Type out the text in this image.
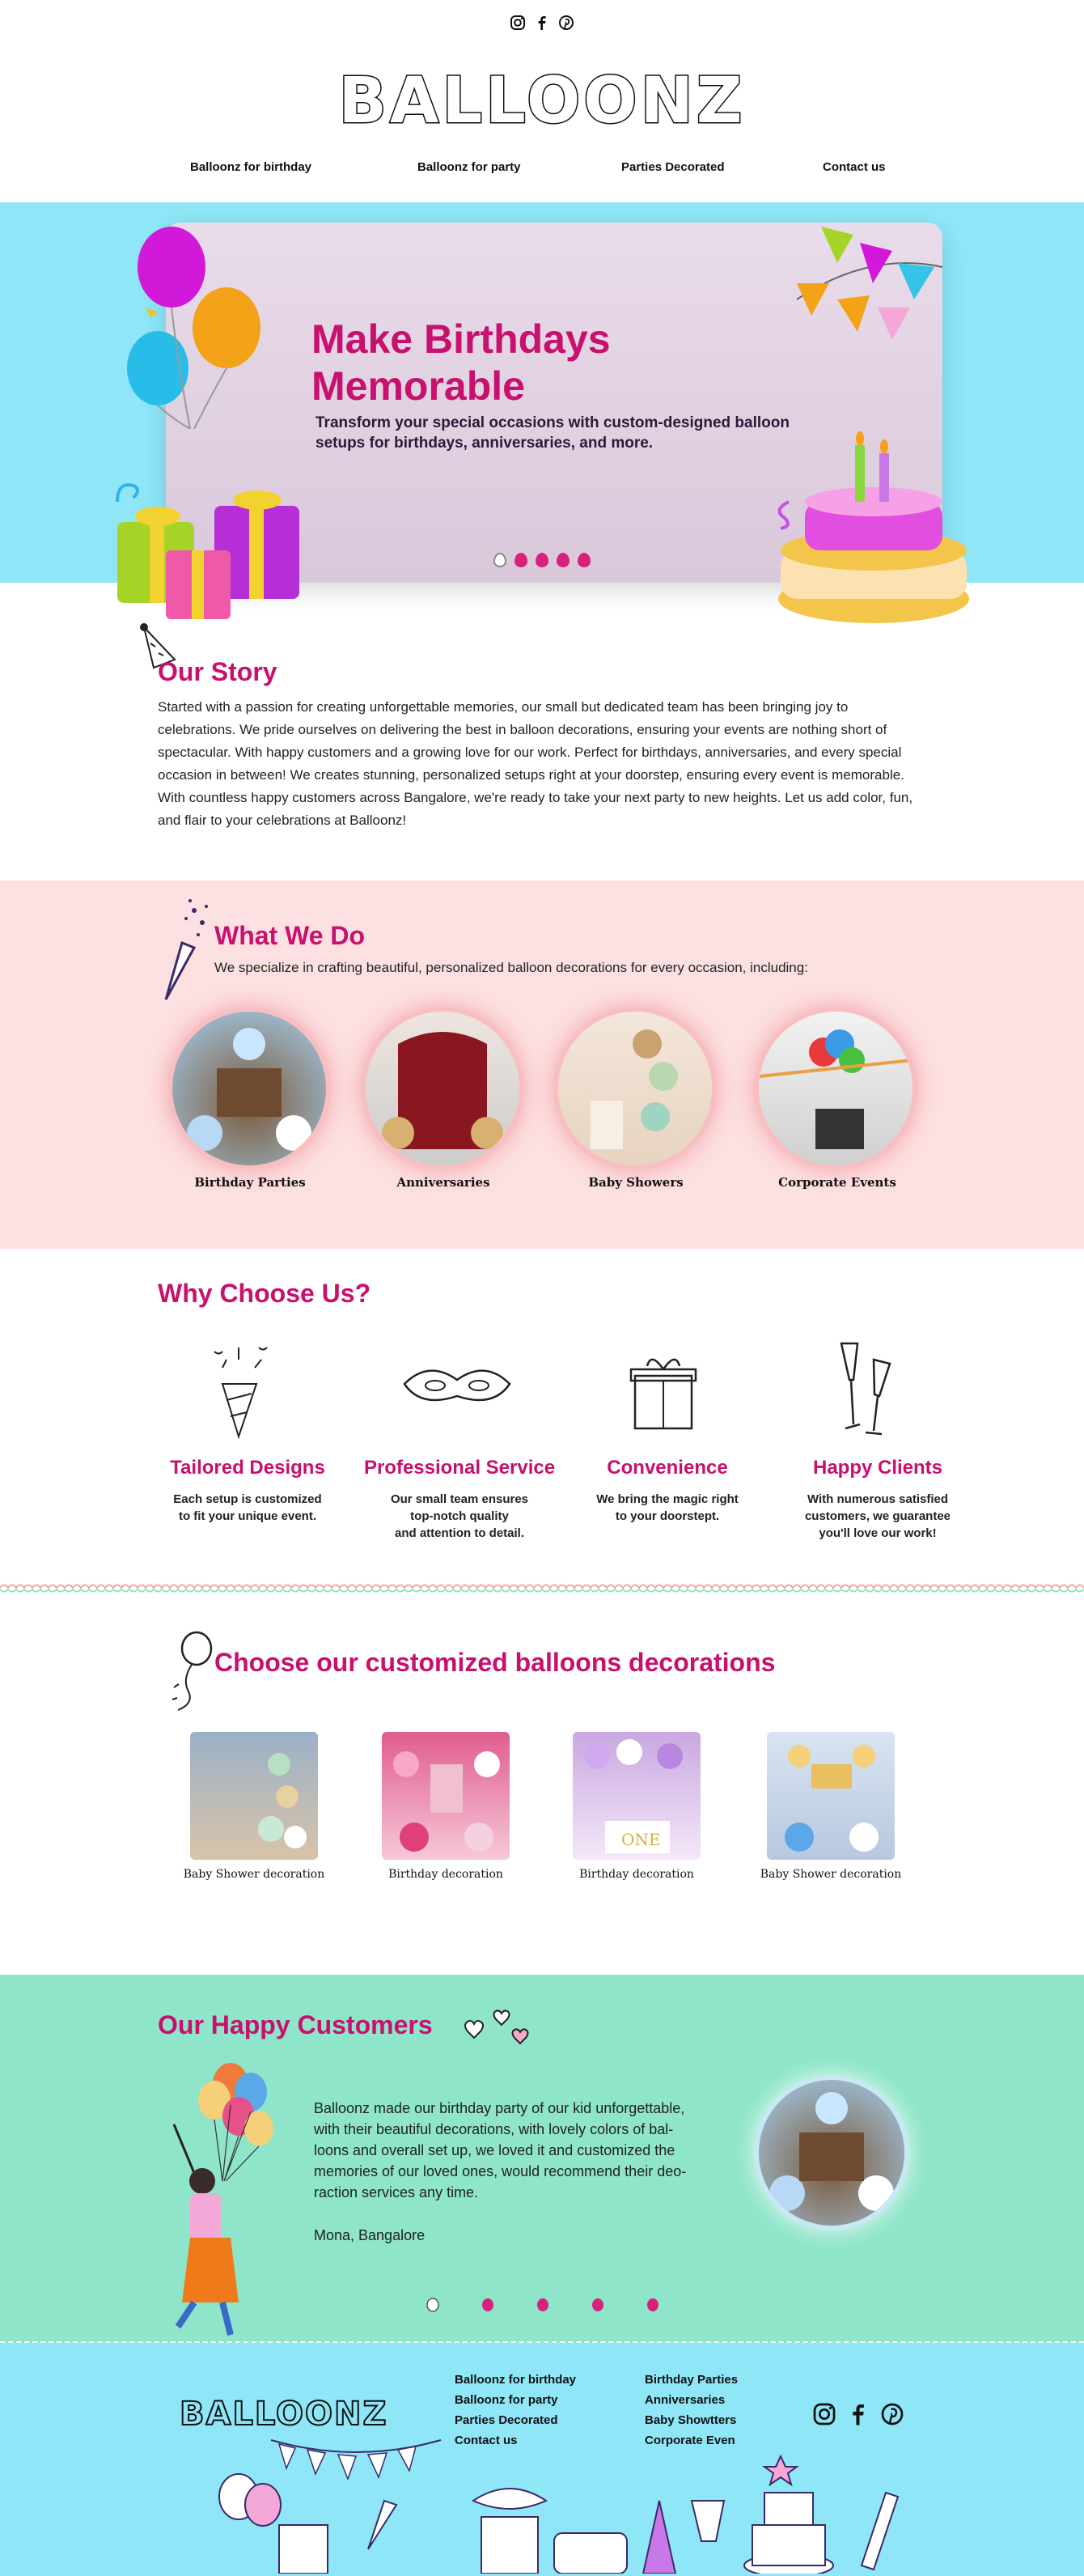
BALLOONZ
Balloonz for birthday	Balloonz for party	Parties Decorated	Contact us
Make Birthdays
Memorable
Transform your special occasions with custom-designed balloon setups for birthdays, anniversaries, and more.
Our Story

Started with a passion for creating unforgettable memories, our small but dedicated team has been bringing joy to celebrations. We pride ourselves on delivering the best in balloon decorations, ensuring your events are nothing short of spectacular. With happy customers and a growing love for our work. Perfect for birthdays, anniversaries, and every special occasion in between! We creates stunning, personalized setups right at your doorstep, ensuring every event is memorable. With countless happy customers across Bangalore, we're ready to take your next party to new heights. Let us add color, fun, and flair to your celebrations at Balloonz!

What We Do

We specialize in crafting beautiful, personalized balloon decorations for every occasion, including:

Birthday Parties	Anniversaries	Baby Showers	Corporate Events
Why Choose Us?
Tailored Designs	Professional Service	Convenience	Happy Clients
Each setup is customized
to fit your unique event.
Our small team ensures
top-notch quality
and attention to detail.
We bring the magic right
to your doorstept.
With numerous satisfied
customers, we guarantee
you'll love our work!
Choose our customized balloons decorations
ONE
Baby Shower decoration	Birthday decoration	Birthday decoration	Baby Shower decoration
Our Happy Customers

Balloonz made our birthday party of our kid unforgettable,
with their beautiful decorations, with lovely colors of bal-
loons and overall set up, we loved it and customized the
memories of our loved ones, would recommend their deo-
raction services any time.

Mona, Bangalore

BALLOONZ
Balloonz for birthday
Balloonz for party
Parties Decorated
Contact us
Birthday Parties
Anniversaries
Baby Showtters
Corporate Even
